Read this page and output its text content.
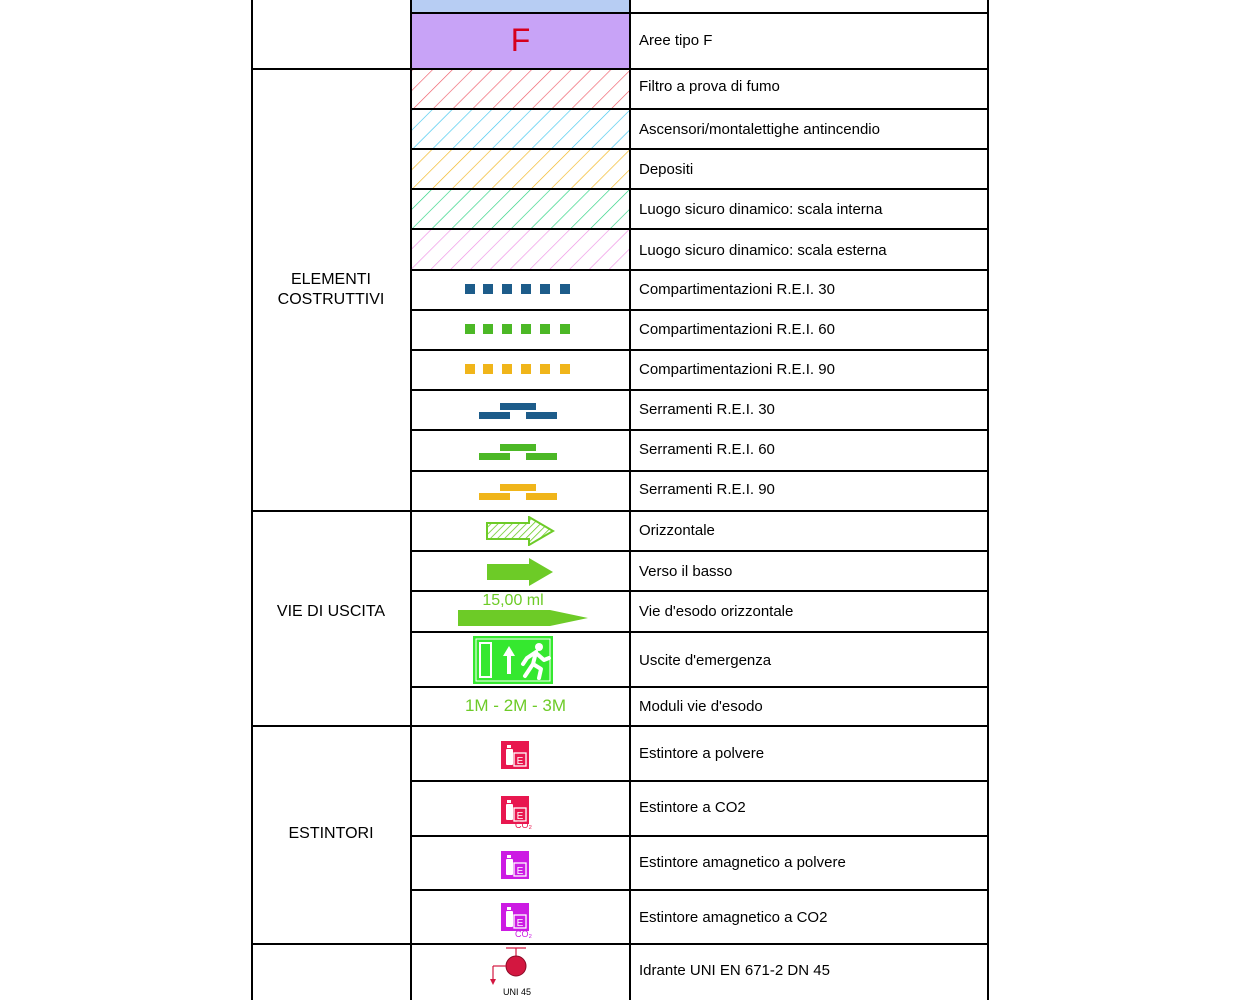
F
15,00 ml
1M - 2M - 3M
E
E
CO₂
E
E
CO₂
UNI 45
Aree tipo F
Filtro a prova di fumo
Ascensori/montalettighe antincendio
Depositi
Luogo sicuro dinamico: scala interna
Luogo sicuro dinamico: scala esterna
Compartimentazioni R.E.I. 30
Compartimentazioni R.E.I. 60
Compartimentazioni R.E.I. 90
Serramenti R.E.I. 30
Serramenti R.E.I. 60
Serramenti R.E.I. 90
Orizzontale
Verso il basso
Vie d'esodo orizzontale
Uscite d'emergenza
Moduli vie d'esodo
Estintore a polvere
Estintore a CO2
Estintore amagnetico a polvere
Estintore amagnetico a CO2
Idrante UNI EN 671-2 DN 45
ELEMENTI COSTRUTTIVI
VIE DI USCITA
ESTINTORI
